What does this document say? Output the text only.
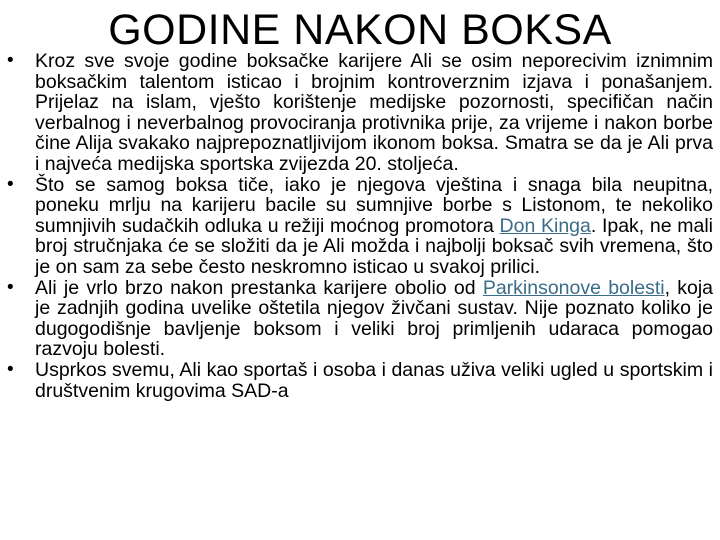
GODINE NAKON BOKSA
• Kroz sve svoje godine boksačke karijere Ali se osim neporecivim iznimnim boksačkim talentom isticao i brojnim kontroverznim izjava i ponašanjem. Prijelaz na islam, vješto korištenje medijske pozornosti, specifičan način verbalnog i neverbalnog provociranja protivnika prije, za vrijeme i nakon borbe čine Alija svakako najprepoznatljivijom ikonom boksa. Smatra se da je Ali prva i najveća medijska sportska zvijezda 20. stoljeća.
• Što se samog boksa tiče, iako je njegova vještina i snaga bila neupitna, poneku mrlju na karijeru bacile su sumnjive borbe s Listonom, te nekoliko sumnjivih sudačkih odluka u režiji moćnog promotora Don Kinga. Ipak, ne mali broj stručnjaka će se složiti da je Ali možda i najbolji boksač svih vremena, što je on sam za sebe često neskromno isticao u svakoj prilici.
• Ali je vrlo brzo nakon prestanka karijere obolio od Parkinsonove bolesti, koja je zadnjih godina uvelike oštetila njegov živčani sustav. Nije poznato koliko je dugogodišnje bavljenje boksom i veliki broj primljenih udaraca pomogao razvoju bolesti.
• Usprkos svemu, Ali kao sportaš i osoba i danas uživa veliki ugled u sportskim i društvenim krugovima SAD-a
